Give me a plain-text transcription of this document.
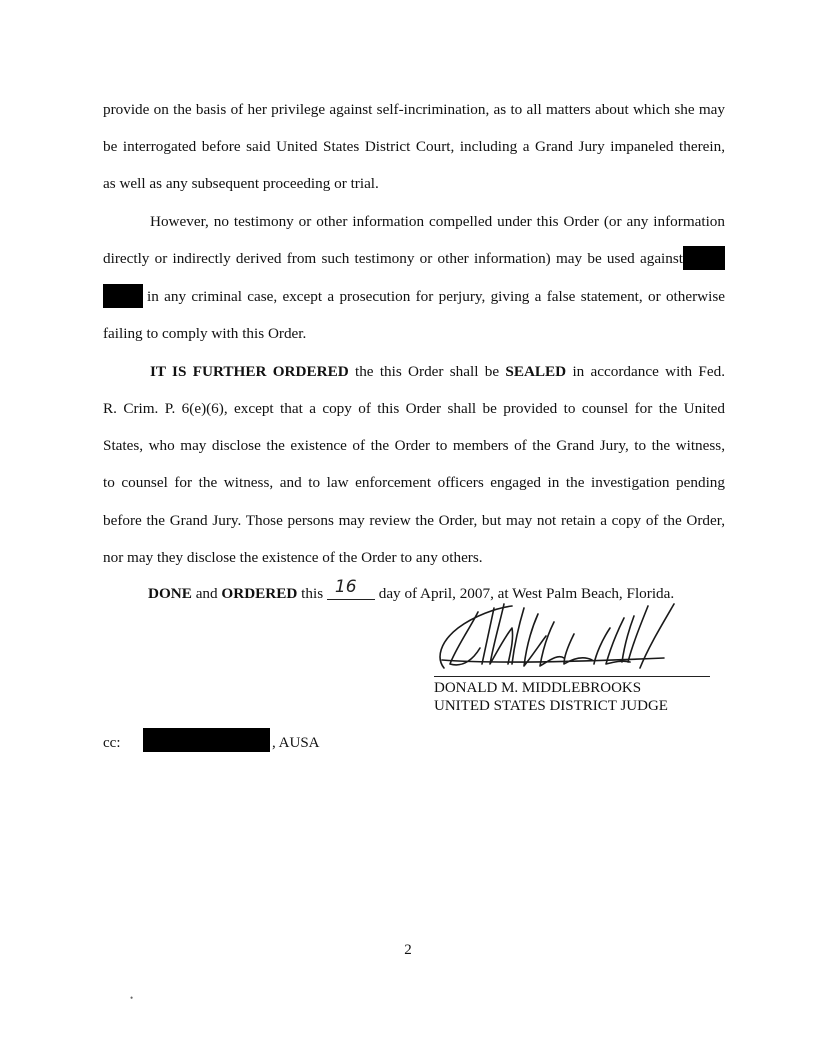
provide on the basis of her privilege against self-incrimination, as to all matters about which she may
be interrogated before said United States District Court, including a Grand Jury impaneled therein,
as well as any subsequent proceeding or trial.
However, no testimony or other information compelled under this Order (or any information
directly or indirectly derived from such testimony or other information) may be used against
in any criminal case, except a prosecution for perjury, giving a false statement, or otherwise
failing to comply with this Order.
IT IS FURTHER ORDERED the this Order shall be SEALED in accordance with Fed.
R. Crim. P. 6(e)(6), except that a copy of this Order shall be provided to counsel for the United
States, who may disclose the existence of the Order to members of the Grand Jury, to the witness,
to counsel for the witness, and to law enforcement officers engaged in the investigation pending
before the Grand Jury. Those persons may review the Order, but may not retain a copy of the Order,
nor may they disclose the existence of the Order to any others.
DONE and ORDERED this 16 day of April, 2007, at West Palm Beach, Florida.
DONALD M. MIDDLEBROOKS
UNITED STATES DISTRICT JUDGE
cc:	, AUSA
2
•
